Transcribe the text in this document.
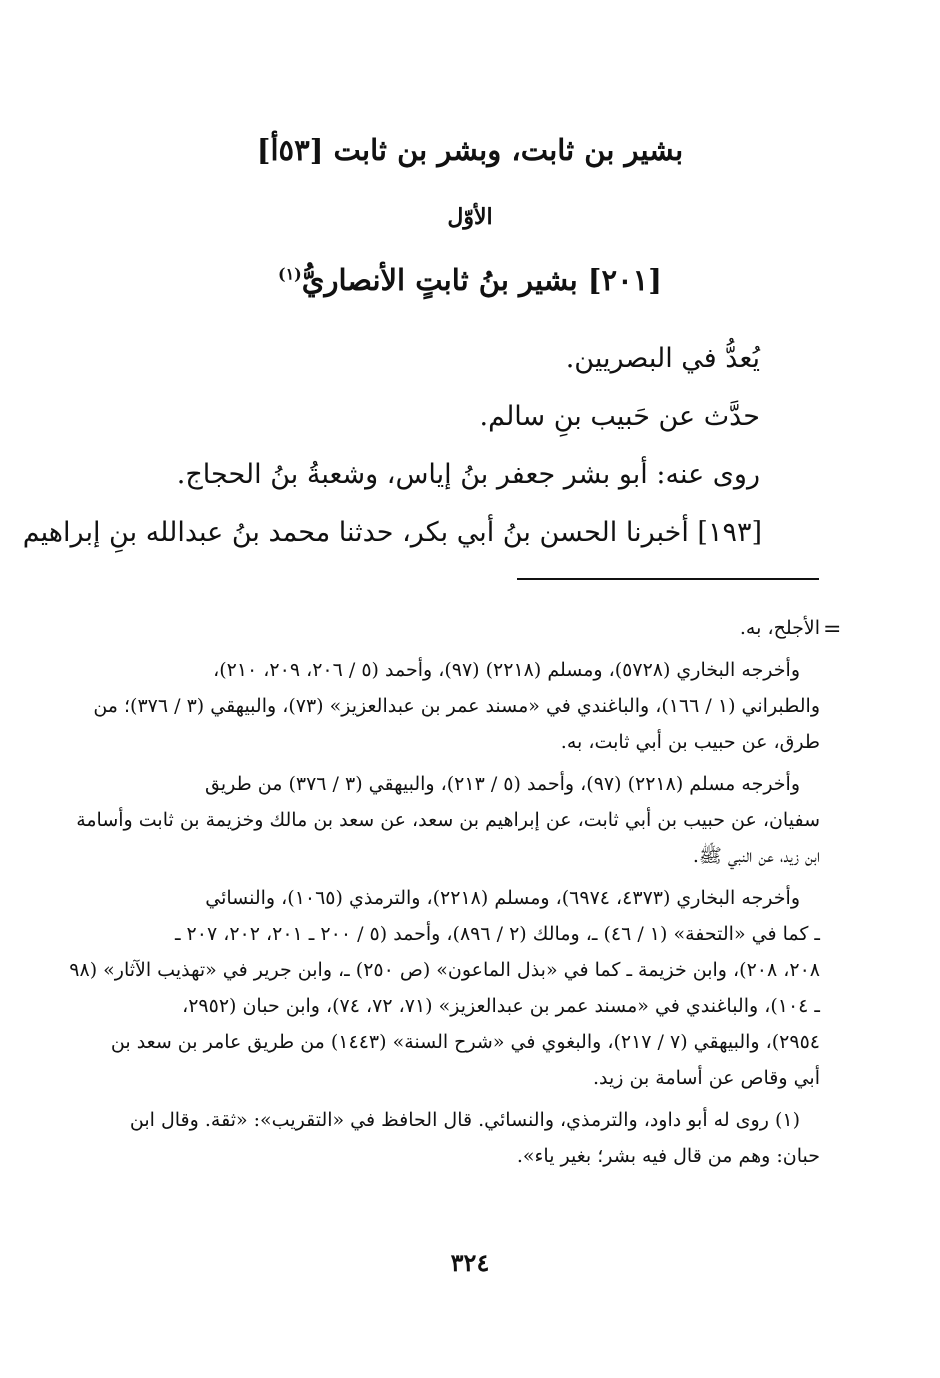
بشير بن ثابت، وبشر بن ثابت [٥٣أ]
الأوّل
[٢٠١] بشير بنُ ثابتٍ الأنصاريُّ$^{(١)}$
يُعدُّ في البصريين.
حدَّث عن حَبيب بنِ سالم.
روى عنه: أبو بشر جعفر بنُ إياس، وشعبةُ بنُ الحجاج.
[١٩٣] أخبرنا الحسن بنُ أبي بكر، حدثنا محمد بنُ عبدالله بنِ إبراهيم
=
الأجلح، به.
وأخرجه البخاري (٥٧٢٨)، ومسلم (٢٢١٨) (٩٧)، وأحمد (٥ / ٢٠٦، ٢٠٩، ٢١٠)،
والطبراني (١ / ١٦٦)، والباغندي في «مسند عمر بن عبدالعزيز» (٧٣)، والبيهقي (٣ / ٣٧٦)؛ من
طرق، عن حبيب بن أبي ثابت، به.
وأخرجه مسلم (٢٢١٨) (٩٧)، وأحمد (٥ / ٢١٣)، والبيهقي (٣ / ٣٧٦) من طريق
سفيان، عن حبيب بن أبي ثابت، عن إبراهيم بن سعد، عن سعد بن مالك وخزيمة بن ثابت وأسامة
ابن زيد، عن النبي ﷺ.
وأخرجه البخاري (٤٣٧٣، ٦٩٧٤)، ومسلم (٢٢١٨)، والترمذي (١٠٦٥)، والنسائي
ـ كما في «التحفة» (١ / ٤٦) ـ، ومالك (٢ / ٨٩٦)، وأحمد (٥ / ٢٠٠ ـ ٢٠١، ٢٠٢، ٢٠٧ ـ
٢٠٨، ٢٠٨)، وابن خزيمة ـ كما في «بذل الماعون» (ص ٢٥٠) ـ، وابن جرير في «تهذيب الآثار» (٩٨
ـ ١٠٤)، والباغندي في «مسند عمر بن عبدالعزيز» (٧١، ٧٢، ٧٤)، وابن حبان (٢٩٥٢،
٢٩٥٤)، والبيهقي (٧ / ٢١٧)، والبغوي في «شرح السنة» (١٤٤٣) من طريق عامر بن سعد بن
أبي وقاص عن أسامة بن زيد.
(١) روى له أبو داود، والترمذي، والنسائي. قال الحافظ في «التقريب»: «ثقة. وقال ابن
حبان: وهم من قال فيه بشر؛ بغير ياء».
٣٢٤
